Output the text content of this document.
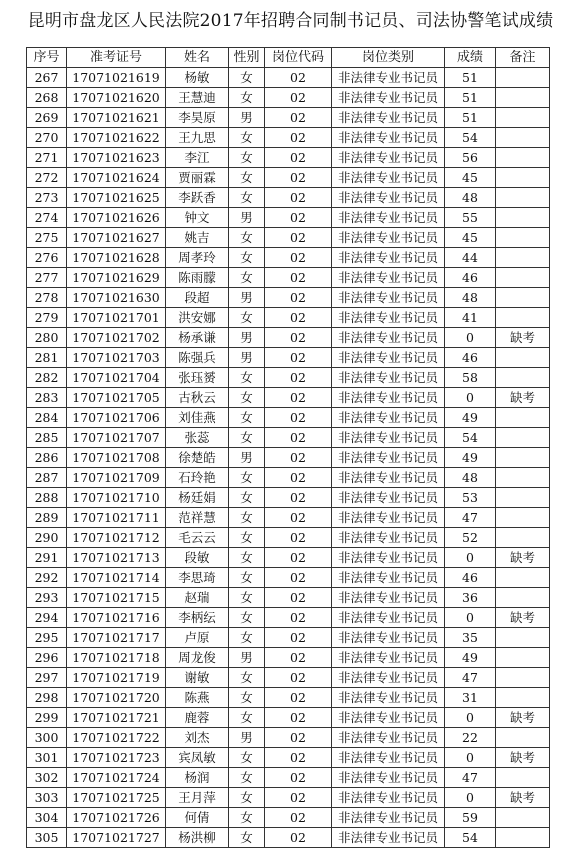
昆明市盘龙区人民法院2017年招聘合同制书记员、司法协警笔试成绩
序号	准考证号	姓名	性别	岗位代码	岗位类别	成绩	备注
267	17071021619	杨敏	女	02	非法律专业书记员	51	
268	17071021620	王慧迪	女	02	非法律专业书记员	51	
269	17071021621	李昊原	男	02	非法律专业书记员	51	
270	17071021622	王九思	女	02	非法律专业书记员	54	
271	17071021623	李江	女	02	非法律专业书记员	56	
272	17071021624	贾丽霖	女	02	非法律专业书记员	45	
273	17071021625	李跃香	女	02	非法律专业书记员	48	
274	17071021626	钟文	男	02	非法律专业书记员	55	
275	17071021627	姚吉	女	02	非法律专业书记员	45	
276	17071021628	周孝玲	女	02	非法律专业书记员	44	
277	17071021629	陈雨朦	女	02	非法律专业书记员	46	
278	17071021630	段超	男	02	非法律专业书记员	48	
279	17071021701	洪安娜	女	02	非法律专业书记员	41	
280	17071021702	杨承谦	男	02	非法律专业书记员	0	缺考
281	17071021703	陈强兵	男	02	非法律专业书记员	46	
282	17071021704	张珏赟	女	02	非法律专业书记员	58	
283	17071021705	古秋云	女	02	非法律专业书记员	0	缺考
284	17071021706	刘佳燕	女	02	非法律专业书记员	49	
285	17071021707	张蕊	女	02	非法律专业书记员	54	
286	17071021708	徐楚皓	男	02	非法律专业书记员	49	
287	17071021709	石玲艳	女	02	非法律专业书记员	48	
288	17071021710	杨廷娟	女	02	非法律专业书记员	53	
289	17071021711	范祥慧	女	02	非法律专业书记员	47	
290	17071021712	毛云云	女	02	非法律专业书记员	52	
291	17071021713	段敏	女	02	非法律专业书记员	0	缺考
292	17071021714	李思琦	女	02	非法律专业书记员	46	
293	17071021715	赵瑞	女	02	非法律专业书记员	36	
294	17071021716	李柄纭	女	02	非法律专业书记员	0	缺考
295	17071021717	卢原	女	02	非法律专业书记员	35	
296	17071021718	周龙俊	男	02	非法律专业书记员	49	
297	17071021719	谢敏	女	02	非法律专业书记员	47	
298	17071021720	陈燕	女	02	非法律专业书记员	31	
299	17071021721	鹿蓉	女	02	非法律专业书记员	0	缺考
300	17071021722	刘杰	男	02	非法律专业书记员	22	
301	17071021723	宾凤敏	女	02	非法律专业书记员	0	缺考
302	17071021724	杨润	女	02	非法律专业书记员	47	
303	17071021725	王月萍	女	02	非法律专业书记员	0	缺考
304	17071021726	何倩	女	02	非法律专业书记员	59	
305	17071021727	杨洪柳	女	02	非法律专业书记员	54	
